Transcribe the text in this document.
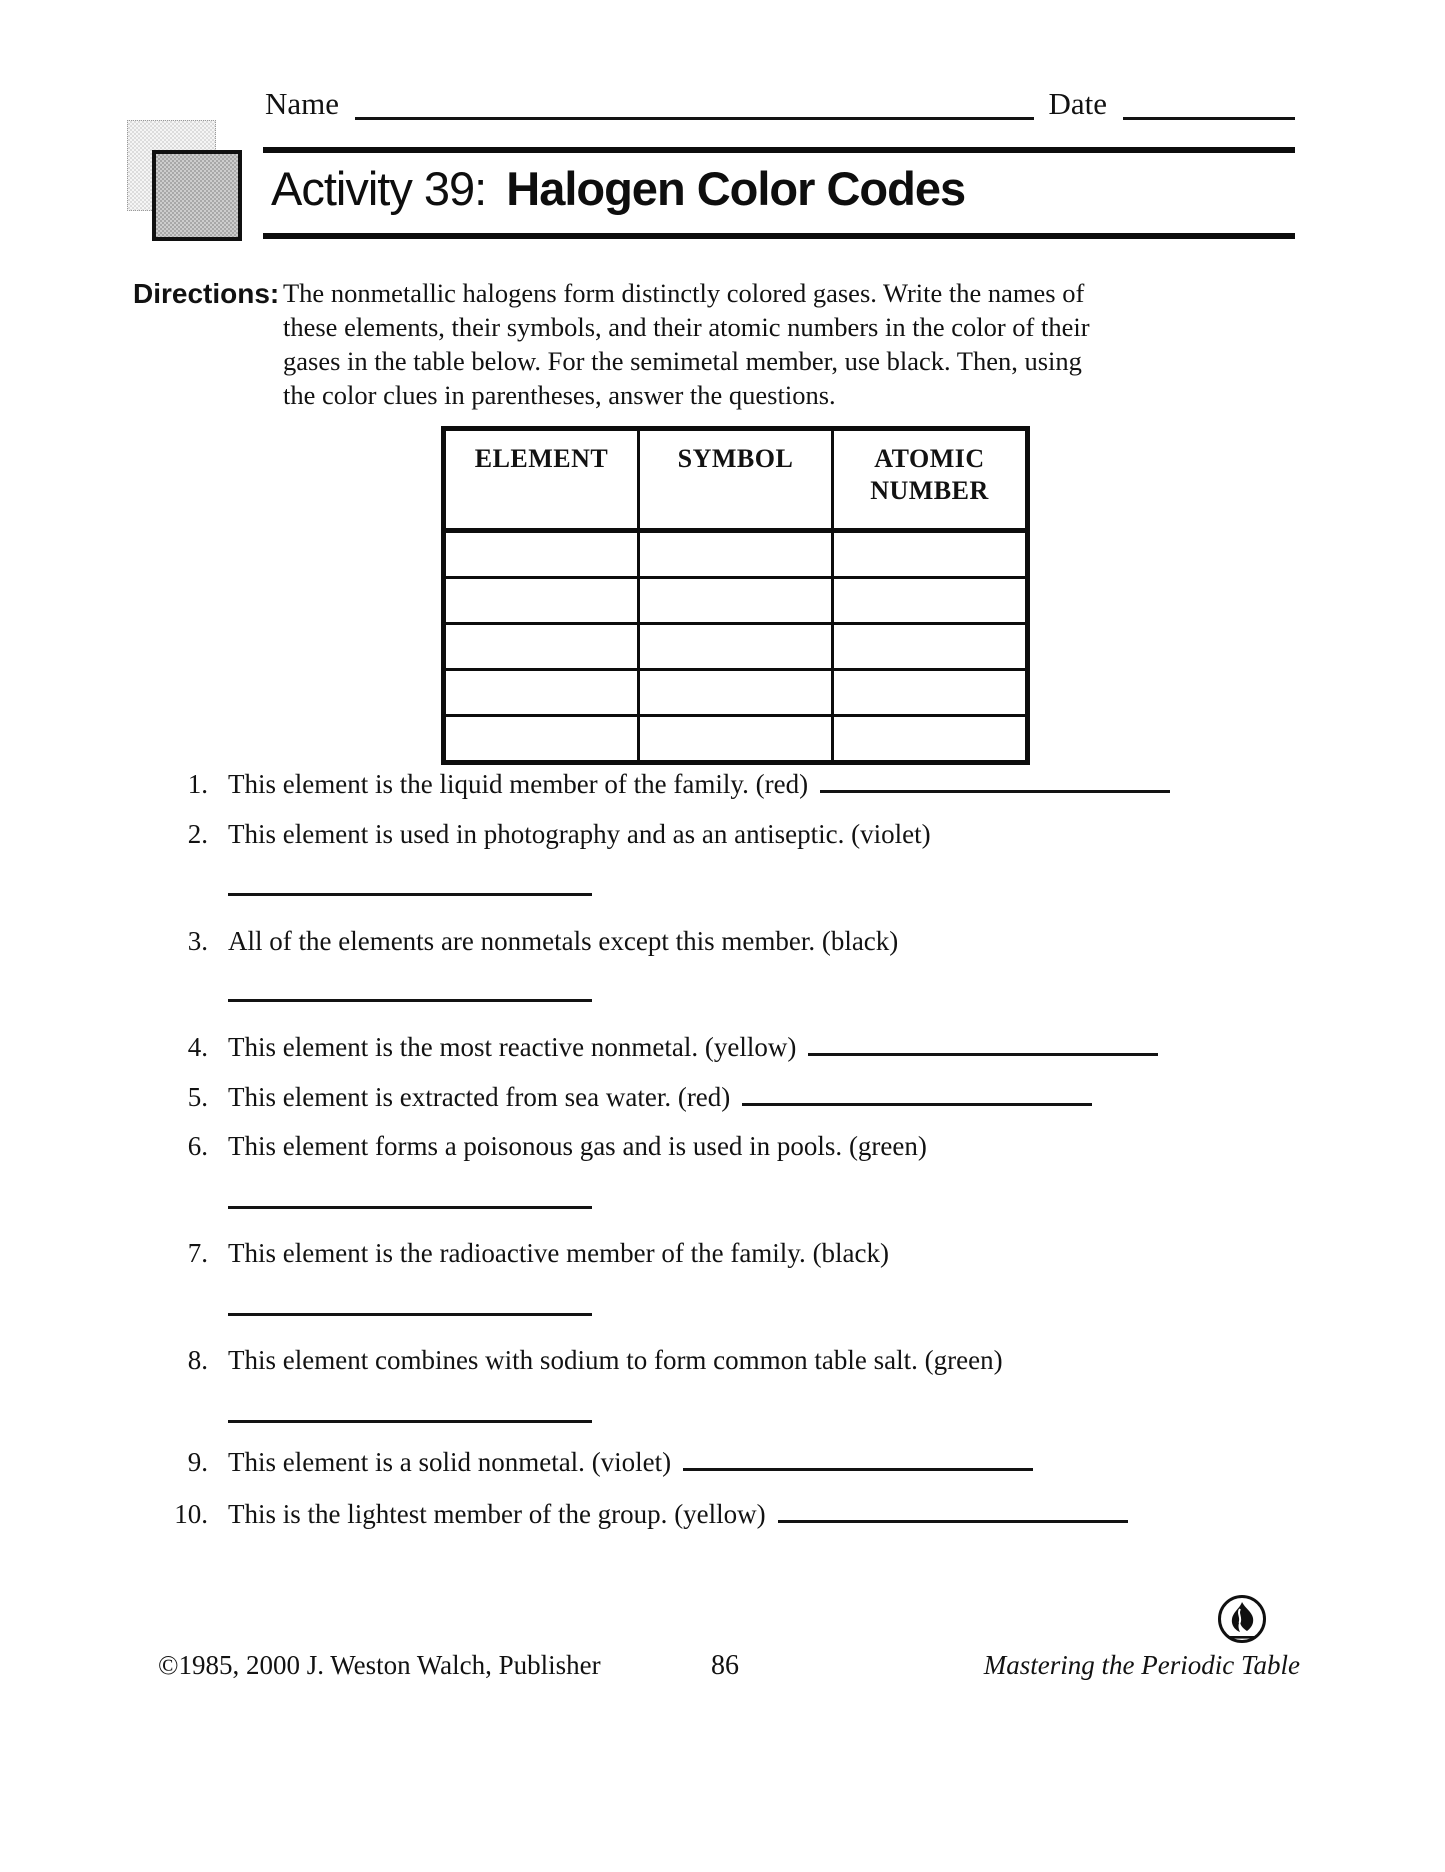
Name	Date
Activity 39: Halogen Color Codes
Directions: The nonmetallic halogens form distinctly colored gases. Write the names of these elements, their symbols, and their atomic numbers in the color of their gases in the table below. For the semimetal member, use black. Then, using the color clues in parentheses, answer the questions.
ELEMENT	SYMBOL	ATOMIC NUMBER

1. This element is the liquid member of the family. (red)
2. This element is used in photography and as an antiseptic. (violet)
3. All of the elements are nonmetals except this member. (black)
4. This element is the most reactive nonmetal. (yellow)
5. This element is extracted from sea water. (red)
6. This element forms a poisonous gas and is used in pools. (green)
7. This element is the radioactive member of the family. (black)
8. This element combines with sodium to form common table salt. (green)
9. This element is a solid nonmetal. (violet)
10. This is the lightest member of the group. (yellow)
©1985, 2000 J. Weston Walch, Publisher	86	Mastering the Periodic Table
